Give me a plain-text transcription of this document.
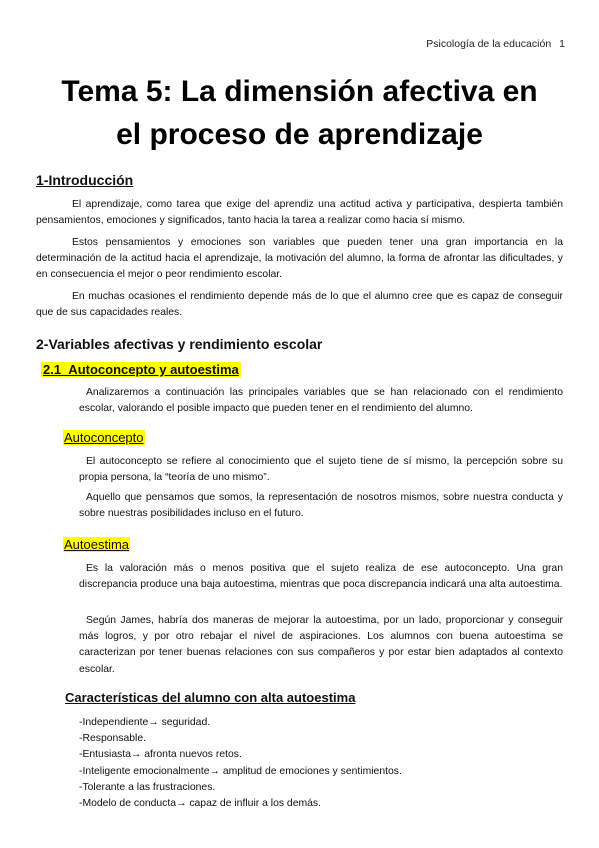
Psicología de la educación 1
Tema 5: La dimensión afectiva en
el proceso de aprendizaje
1-Introducción

El aprendizaje, como tarea que exige del aprendiz una actitud activa y participativa, despierta también pensamientos, emociones y significados, tanto hacia la tarea a realizar como hacia sí mismo.

Estos pensamientos y emociones son variables que pueden tener una gran importancia en la determinación de la actitud hacia el aprendizaje, la motivación del alumno, la forma de afrontar las dificultades, y en consecuencia el mejor o peor rendimiento escolar.

En muchas ocasiones el rendimiento depende más de lo que el alumno cree que es capaz de conseguir que de sus capacidades reales.

2-Variables afectivas y rendimiento escolar
2.1_Autoconcepto y autoestima

Analizaremos a continuación las principales variables que se han relacionado con el rendimiento escolar, valorando el posible impacto que pueden tener en el rendimiento del alumno.

Autoconcepto

El autoconcepto se refiere al conocimiento que el sujeto tiene de sí mismo, la percepción sobre su propia persona, la “teoría de uno mismo”.

Aquello que pensamos que somos, la representación de nosotros mismos, sobre nuestra conducta y sobre nuestras posibilidades incluso en el futuro.

Autoestima

Es la valoración más o menos positiva que el sujeto realiza de ese autoconcepto. Una gran discrepancia produce una baja autoestima, mientras que poca discrepancia indicará una alta autoestima.

Según James, habría dos maneras de mejorar la autoestima, por un lado, proporcionar y conseguir más logros, y por otro rebajar el nivel de aspiraciones. Los alumnos con buena autoestima se caracterizan por tener buenas relaciones con sus compañeros y por estar bien adaptados al contexto escolar.

Características del alumno con alta autoestima
-Independiente→ seguridad.
-Responsable.
-Entusiasta→ afronta nuevos retos.
-Inteligente emocionalmente→ amplitud de emociones y sentimientos.
-Tolerante a las frustraciones.
-Modelo de conducta→ capaz de influir a los demás.
